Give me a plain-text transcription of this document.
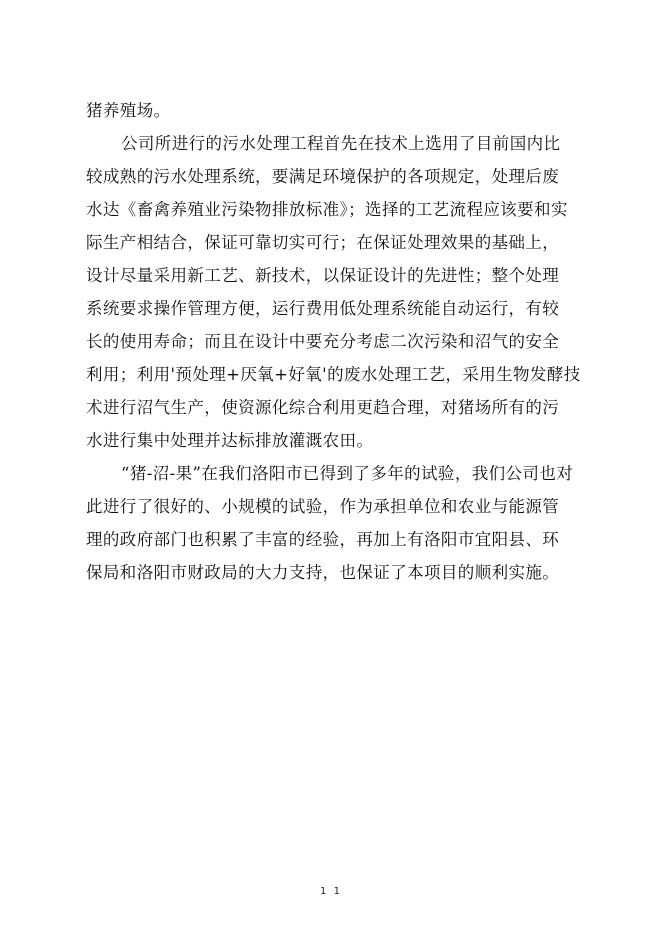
猪养殖场。
公司所进行的污水处理工程首先在技术上选用了目前国内比
较成熟的污水处理系统，要满足环境保护的各项规定，处理后废
水达《畜禽养殖业污染物排放标准》；选择的工艺流程应该要和实
际生产相结合，保证可靠切实可行；在保证处理效果的基础上，
设计尽量采用新工艺、新技术，以保证设计的先进性；整个处理
系统要求操作管理方便，运行费用低处理系统能自动运行，有较
长的使用寿命；而且在设计中要充分考虑二次污染和沼气的安全
利用；利用'预处理+厌氧+好氧'的废水处理工艺，采用生物发酵技
术进行沼气生产，使资源化综合利用更趋合理，对猪场所有的污
水进行集中处理并达标排放灌溉农田。
“猪-沼-果”在我们洛阳市已得到了多年的试验，我们公司也对
此进行了很好的、小规模的试验，作为承担单位和农业与能源管
理的政府部门也积累了丰富的经验，再加上有洛阳市宜阳县、环
保局和洛阳市财政局的大力支持，也保证了本项目的顺利实施。
1 1
